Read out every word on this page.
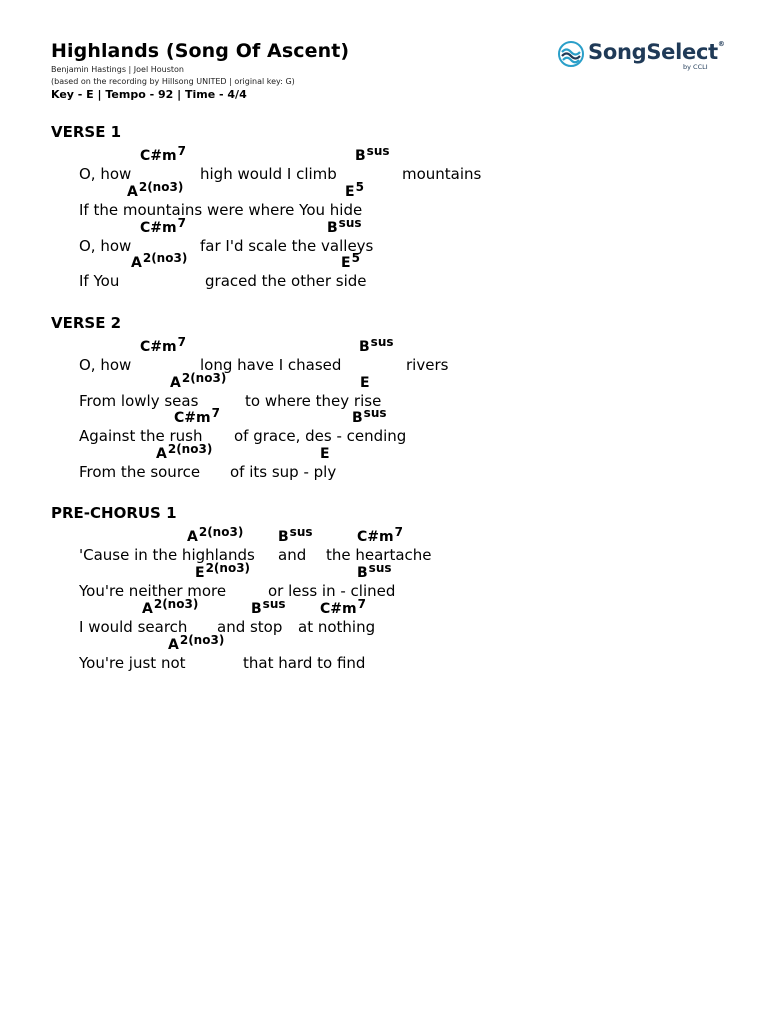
Highlands (Song Of Ascent)
Benjamin Hastings | Joel Houston
(based on the recording by Hillsong UNITED | original key: G)
Key - E | Tempo - 92 | Time - 4/4
SongSelect®
by CCLI
VERSE 1
C#m7	Bsus
O, how	high would I climb	mountains
A2(no3)	E5
If the mountains were where You hide
C#m7	Bsus
O, how	far I'd scale the valleys
A2(no3)	E5
If You	graced the other side
VERSE 2
C#m7	Bsus
O, how	long have I chased	rivers
A2(no3)	E
From lowly seas	to where they rise
C#m7	Bsus
Against the rush of grace, des - cending
A2(no3)	E
From the source of its sup - ply
PRE-CHORUS 1
A2(no3) Bsus	C#m7
'Cause in the highlands and the heartache
E2(no3)	Bsus
You're neither more	or less in - clined
A2(no3)	Bsus C#m7
I would search and stop at nothing
A2(no3)
You're just not	that hard to find
